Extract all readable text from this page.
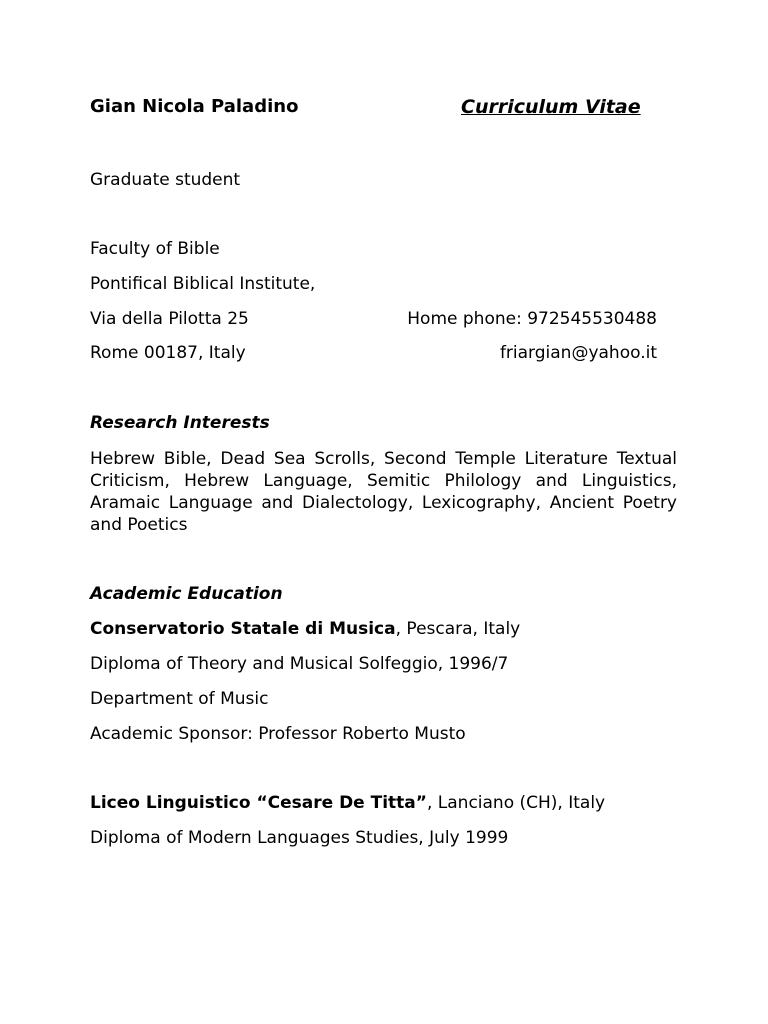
Gian Nicola Paladino	Curriculum Vitae
Graduate student
Faculty of Bible
Pontifical Biblical Institute,
Via della Pilotta 25	Home phone: 972545530488
Rome 00187, Italy	friargian@yahoo.it
Research Interests
Hebrew Bible, Dead Sea Scrolls, Second Temple Literature Textual Criticism, Hebrew Language, Semitic Philology and Linguistics, Aramaic Language and Dialectology, Lexicography, Ancient Poetry and Poetics
Academic Education
Conservatorio Statale di Musica, Pescara, Italy
Diploma of Theory and Musical Solfeggio, 1996/7
Department of Music
Academic Sponsor: Professor Roberto Musto
Liceo Linguistico “Cesare De Titta”, Lanciano (CH), Italy
Diploma of Modern Languages Studies, July 1999
